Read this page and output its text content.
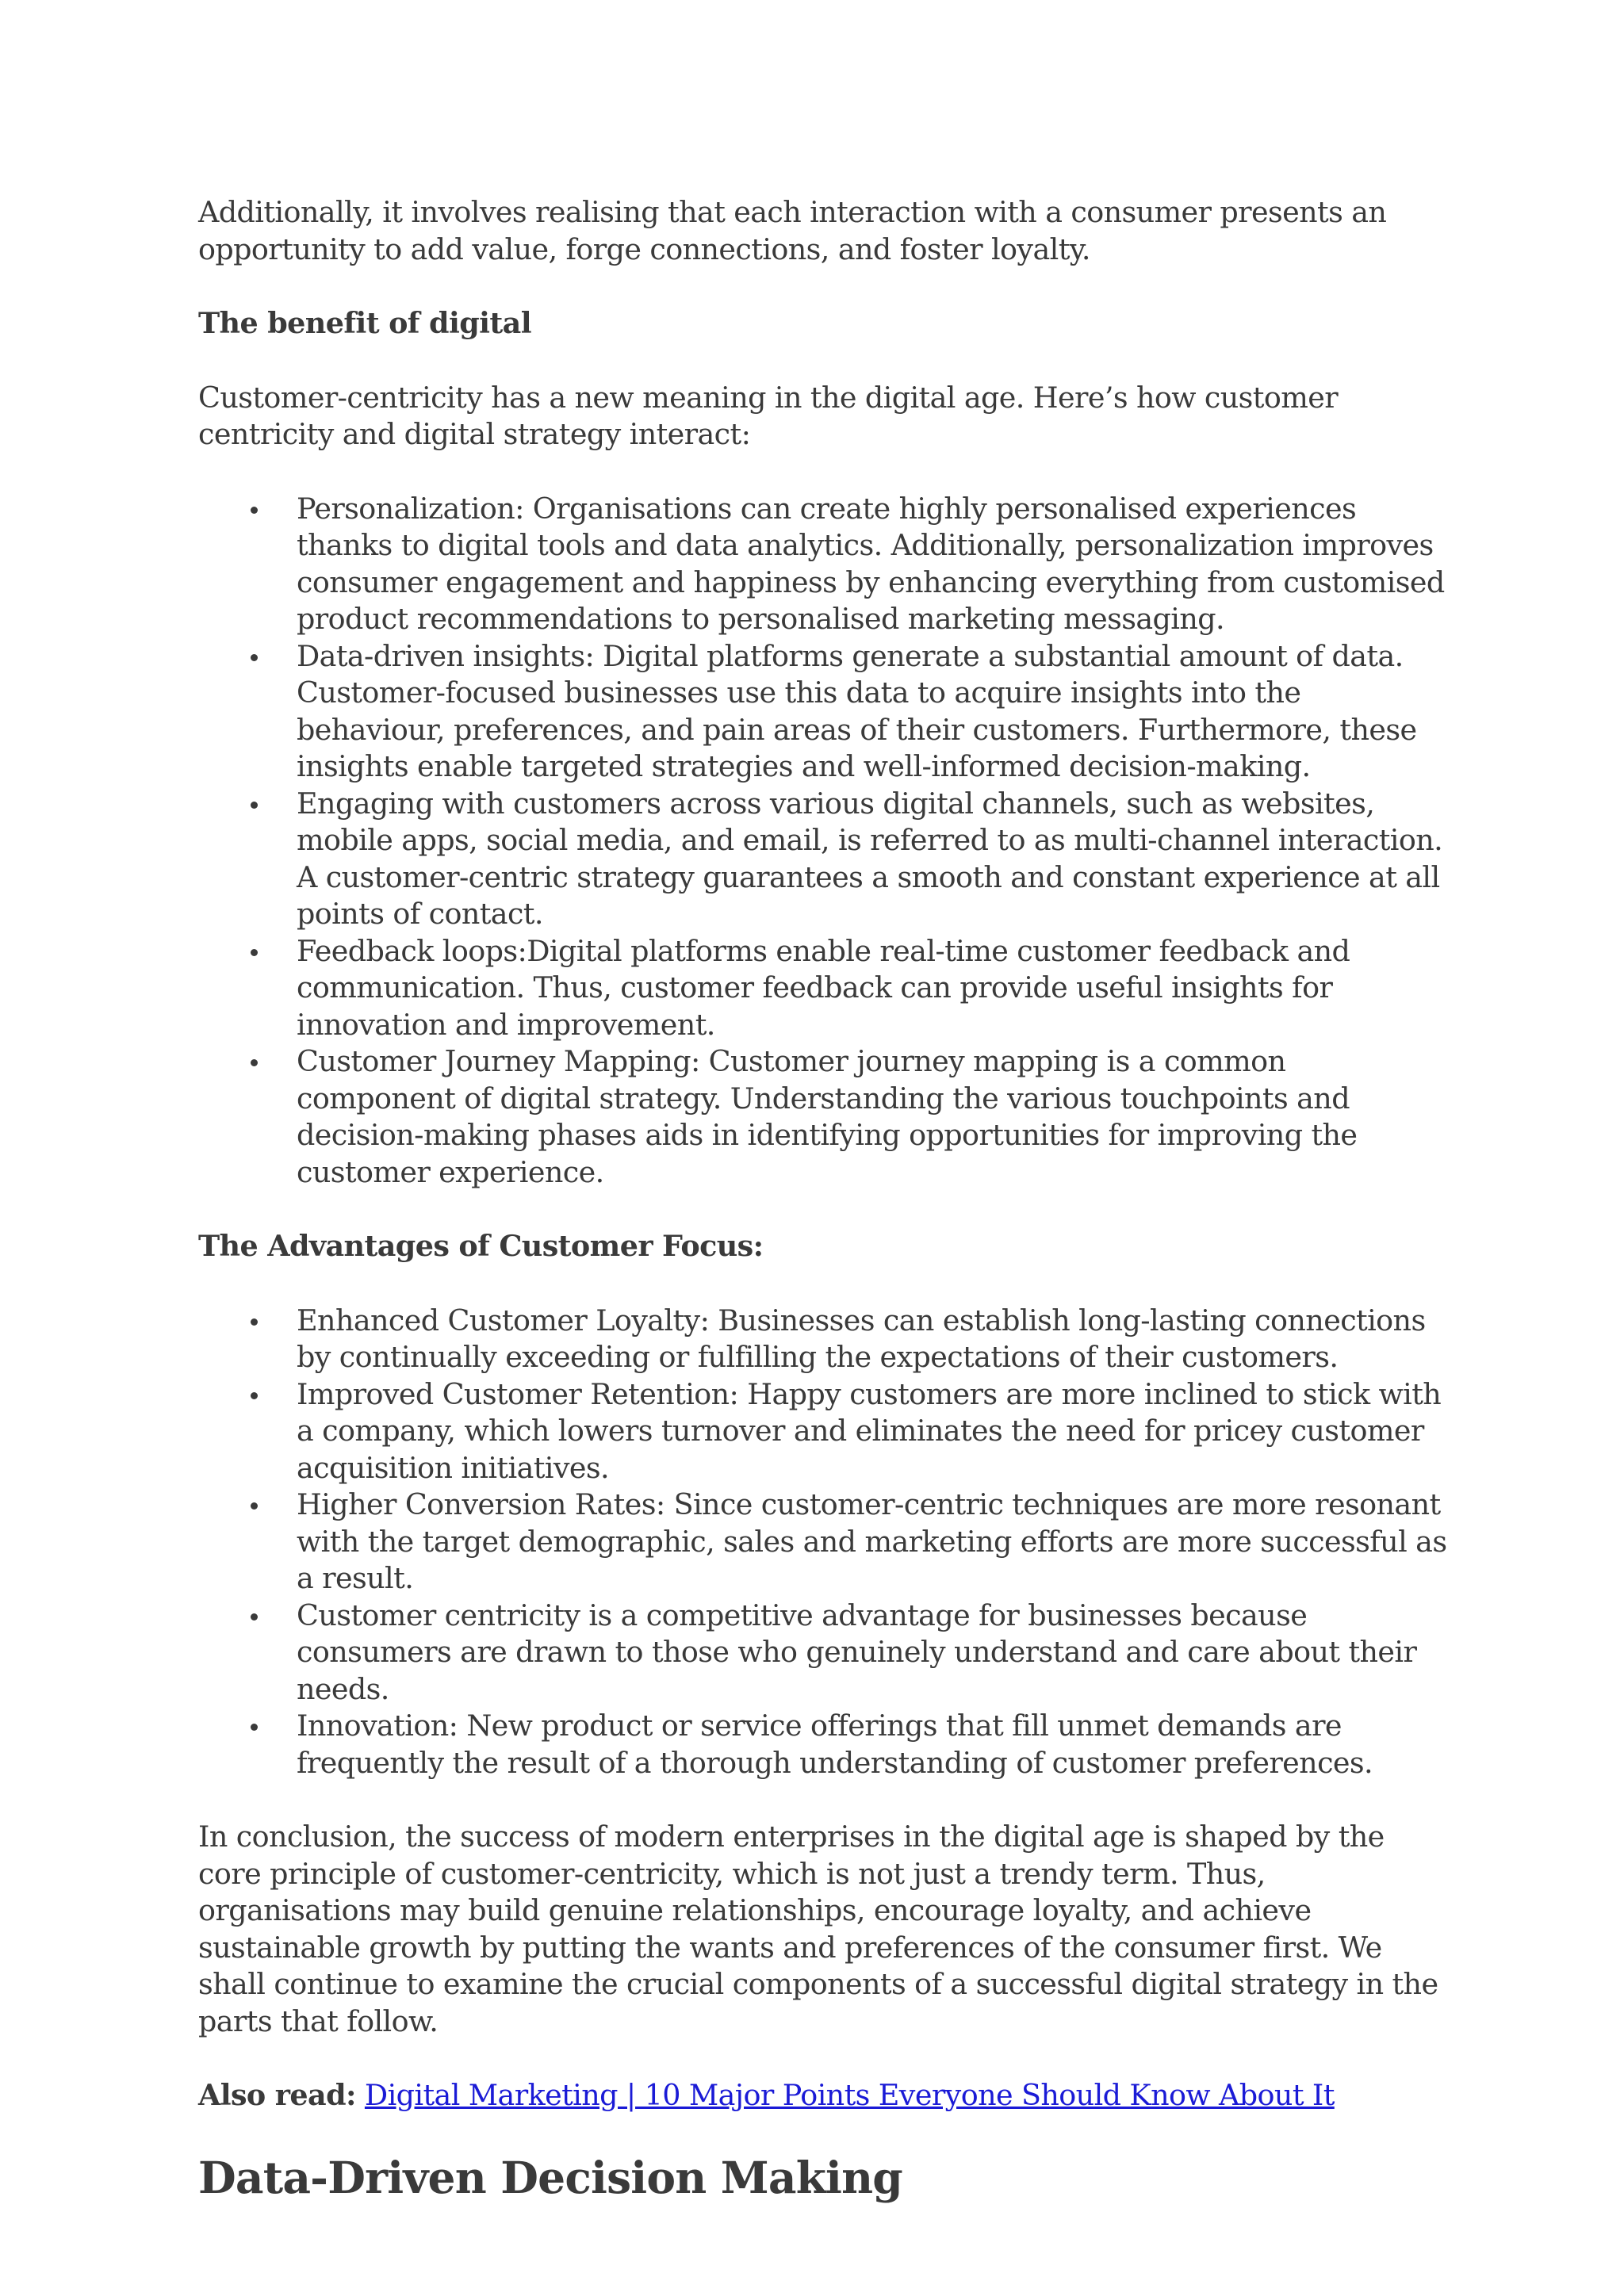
Additionally, it involves realising that each interaction with a consumer presents an opportunity to add value, forge connections, and foster loyalty.

The benefit of digital

Customer-centricity has a new meaning in the digital age. Here’s how customer centricity and digital strategy interact:

Personalization: Organisations can create highly personalised experiences thanks to digital tools and data analytics. Additionally, personalization improves consumer engagement and happiness by enhancing everything from customised product recommendations to personalised marketing messaging.
Data-driven insights: Digital platforms generate a substantial amount of data. Customer-focused businesses use this data to acquire insights into the behaviour, preferences, and pain areas of their customers. Furthermore, these insights enable targeted strategies and well-informed decision-making.
Engaging with customers across various digital channels, such as websites, mobile apps, social media, and email, is referred to as multi-channel interaction. A customer-centric strategy guarantees a smooth and constant experience at all points of contact.
Feedback loops:Digital platforms enable real-time customer feedback and communication. Thus, customer feedback can provide useful insights for innovation and improvement.
Customer Journey Mapping: Customer journey mapping is a common component of digital strategy. Understanding the various touchpoints and decision-making phases aids in identifying opportunities for improving the customer experience.
The Advantages of Customer Focus:
Enhanced Customer Loyalty: Businesses can establish long-lasting connections by continually exceeding or fulfilling the expectations of their customers.
Improved Customer Retention: Happy customers are more inclined to stick with a company, which lowers turnover and eliminates the need for pricey customer acquisition initiatives.
Higher Conversion Rates: Since customer-centric techniques are more resonant with the target demographic, sales and marketing efforts are more successful as a result.
Customer centricity is a competitive advantage for businesses because consumers are drawn to those who genuinely understand and care about their needs.
Innovation: New product or service offerings that fill unmet demands are frequently the result of a thorough understanding of customer preferences.

In conclusion, the success of modern enterprises in the digital age is shaped by the core principle of customer-centricity, which is not just a trendy term. Thus, organisations may build genuine relationships, encourage loyalty, and achieve sustainable growth by putting the wants and preferences of the consumer first. We shall continue to examine the crucial components of a successful digital strategy in the parts that follow.

Also read: Digital Marketing | 10 Major Points Everyone Should Know About It
Data-Driven Decision Making
